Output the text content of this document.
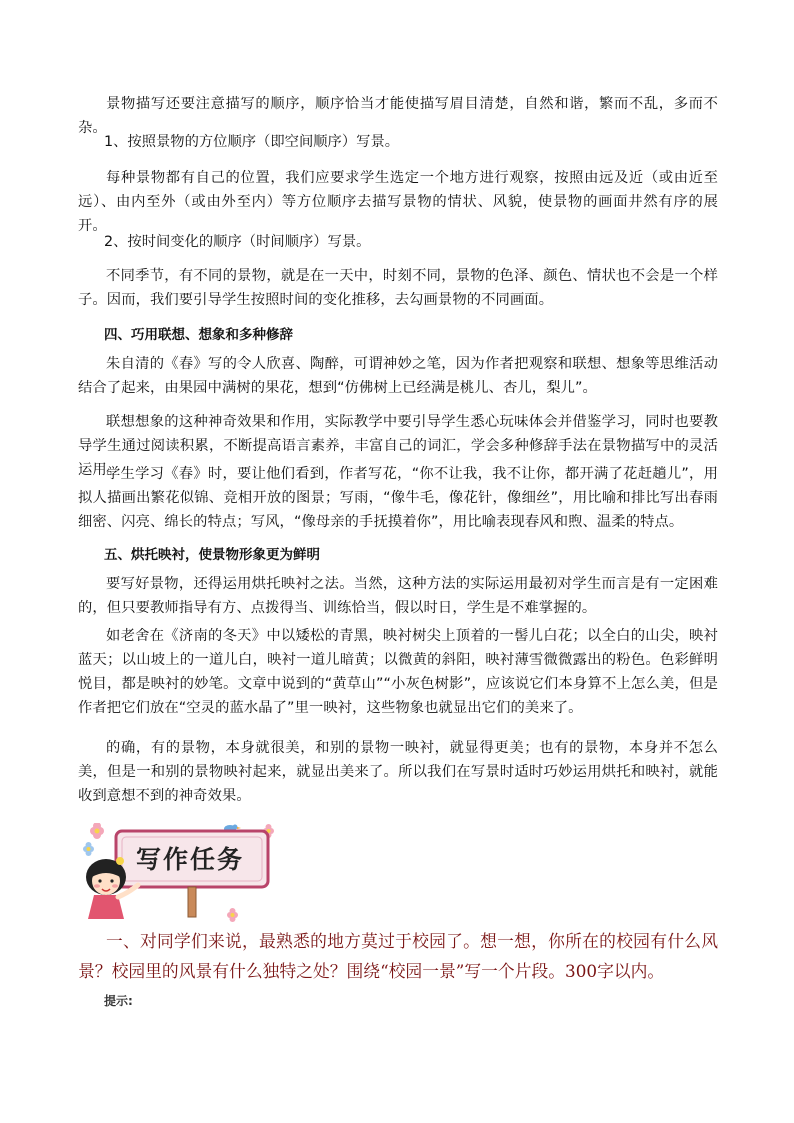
景物描写还要注意描写的顺序，顺序恰当才能使描写眉目清楚，自然和谐，繁而不乱，多而不杂。

1、按照景物的方位顺序（即空间顺序）写景。

每种景物都有自己的位置，我们应要求学生选定一个地方进行观察，按照由远及近（或由近至远）、由内至外（或由外至内）等方位顺序去描写景物的情状、风貌，使景物的画面井然有序的展开。

2、按时间变化的顺序（时间顺序）写景。

不同季节，有不同的景物，就是在一天中，时刻不同，景物的色泽、颜色、情状也不会是一个样子。因而，我们要引导学生按照时间的变化推移，去勾画景物的不同画面。

四、巧用联想、想象和多种修辞

朱自清的《春》写的令人欣喜、陶醉，可谓神妙之笔，因为作者把观察和联想、想象等思维活动结合了起来，由果园中满树的果花，想到“仿佛树上已经满是桃儿、杏儿，梨儿”。

联想想象的这种神奇效果和作用，实际教学中要引导学生悉心玩味体会并借鉴学习，同时也要教导学生通过阅读积累，不断提高语言素养，丰富自己的词汇，学会多种修辞手法在景物描写中的灵活运用。

学生学习《春》时，要让他们看到，作者写花，“你不让我，我不让你，都开满了花赶趟儿”，用拟人描画出繁花似锦、竞相开放的图景；写雨，“像牛毛，像花针，像细丝”，用比喻和排比写出春雨细密、闪亮、绵长的特点；写风，“像母亲的手抚摸着你”，用比喻表现春风和煦、温柔的特点。

五、烘托映衬，使景物形象更为鲜明

要写好景物，还得运用烘托映衬之法。当然，这种方法的实际运用最初对学生而言是有一定困难的，但只要教师指导有方、点拨得当、训练恰当，假以时日，学生是不难掌握的。

如老舍在《济南的冬天》中以矮松的青黑，映衬树尖上顶着的一髻儿白花；以全白的山尖，映衬蓝天；以山坡上的一道儿白，映衬一道儿暗黄；以微黄的斜阳，映衬薄雪微微露出的粉色。色彩鲜明悦目，都是映衬的妙笔。文章中说到的“黄草山”“小灰色树影”，应该说它们本身算不上怎么美，但是作者把它们放在“空灵的蓝水晶了”里一映衬，这些物象也就显出它们的美来了。

的确，有的景物，本身就很美，和别的景物一映衬，就显得更美；也有的景物，本身并不怎么美，但是一和别的景物映衬起来，就显出美来了。所以我们在写景时适时巧妙运用烘托和映衬，就能收到意想不到的神奇效果。

写作任务

一、对同学们来说，最熟悉的地方莫过于校园了。想一想，你所在的校园有什么风景？校园里的风景有什么独特之处？围绕“校园一景”写一个片段。300字以内。

提示:
